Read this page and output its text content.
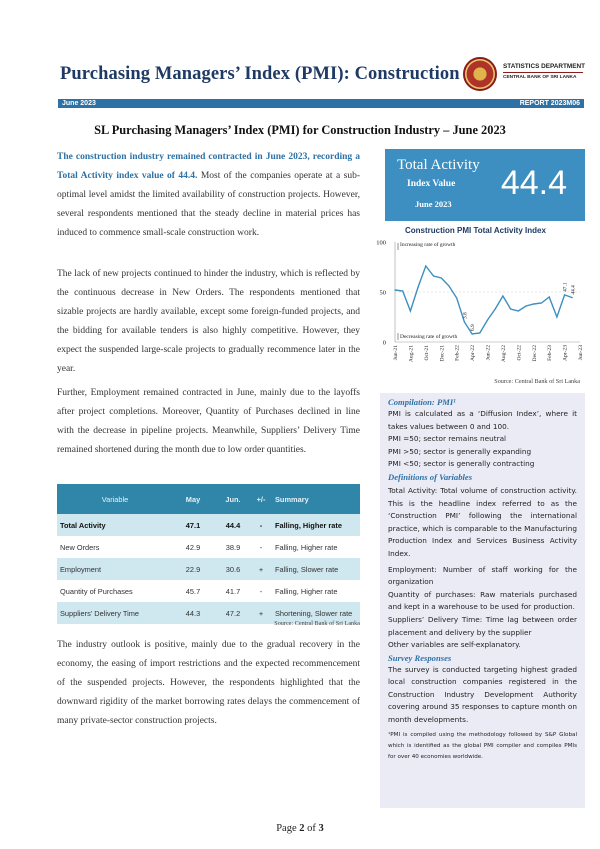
Purchasing Managers’ Index (PMI): Construction	STATISTICS DEPARTMENT
CENTRAL BANK OF SRI LANKA
June 2023	REPORT 2023M06
SL Purchasing Managers’ Index (PMI) for Construction Industry – June 2023
The construction industry remained contracted in June 2023, recording a Total Activity index value of 44.4. Most of the companies operate at a sub-optimal level amidst the limited availability of construction projects. However, several respondents mentioned that the steady decline in material prices has induced to commence small-scale construction work.
The lack of new projects continued to hinder the industry, which is reflected by the continuous decrease in New Orders. The respondents mentioned that sizable projects are hardly available, except some foreign-funded projects, and the bidding for available tenders is also highly competitive. However, they expect the suspended large-scale projects to gradually recommence later in the year.
Further, Employment remained contracted in June, mainly due to the layoffs after project completions. Moreover, Quantity of Purchases declined in line with the decrease in pipeline projects. Meanwhile, Suppliers’ Delivery Time remained shortened during the month due to low order quantities.
Variable	May	Jun.	+/-	Summary
Total Activity	47.1	44.4	-	Falling, Higher rate
New Orders	42.9	38.9	-	Falling, Higher rate
Employment	22.9	30.6	+	Falling, Slower rate
Quantity of Purchases	45.7	41.7	-	Falling, Higher rate
Suppliers’ Delivery Time	44.3	47.2	+	Shortening, Slower rate
Source: Central Bank of Sri Lanka
The industry outlook is positive, mainly due to the gradual recovery in the economy, the easing of import restrictions and the expected recommencement of the suspended projects. However, the respondents highlighted that the downward rigidity of the market borrowing rates delays the commencement of many private-sector construction projects.
Total Activity
Index Value
June 2023
44.4
Construction PMI Total Activity Index
0
50
100	Increasing rate of growth
Decreasing rate of growth
Jun-21 Aug-21 Oct-21 Dec-21 Feb-22 Apr-22 Jun-22 Aug-22 Oct-22 Dec-22 Feb-23 Apr-23 Jun-23
3.8
6.9
47.1 44.4
Source: Central Bank of Sri Lanka
Compilation: PMI¹
PMI is calculated as a ‘Diffusion Index’, where it takes values between 0 and 100.
PMI =50; sector remains neutral
PMI >50; sector is generally expanding
PMI <50; sector is generally contracting
Definitions of Variables
Total Activity: Total volume of construction activity. This is the headline index referred to as the ‘Construction PMI’ following the international practice, which is comparable to the Manufacturing Production Index and Services Business Activity Index.
Employment: Number of staff working for the organization
Quantity of purchases: Raw materials purchased and kept in a warehouse to be used for production.
Suppliers’ Delivery Time: Time lag between order placement and delivery by the supplier
Other variables are self-explanatory.
Survey Responses
The survey is conducted targeting highest graded local construction companies registered in the Construction Industry Development Authority covering around 35 responses to capture month on month developments.
¹PMI is compiled using the methodology followed by S&P Global which is identified as the global PMI compiler and compiles PMIs for over 40 economies worldwide.
Page 2 of 3
